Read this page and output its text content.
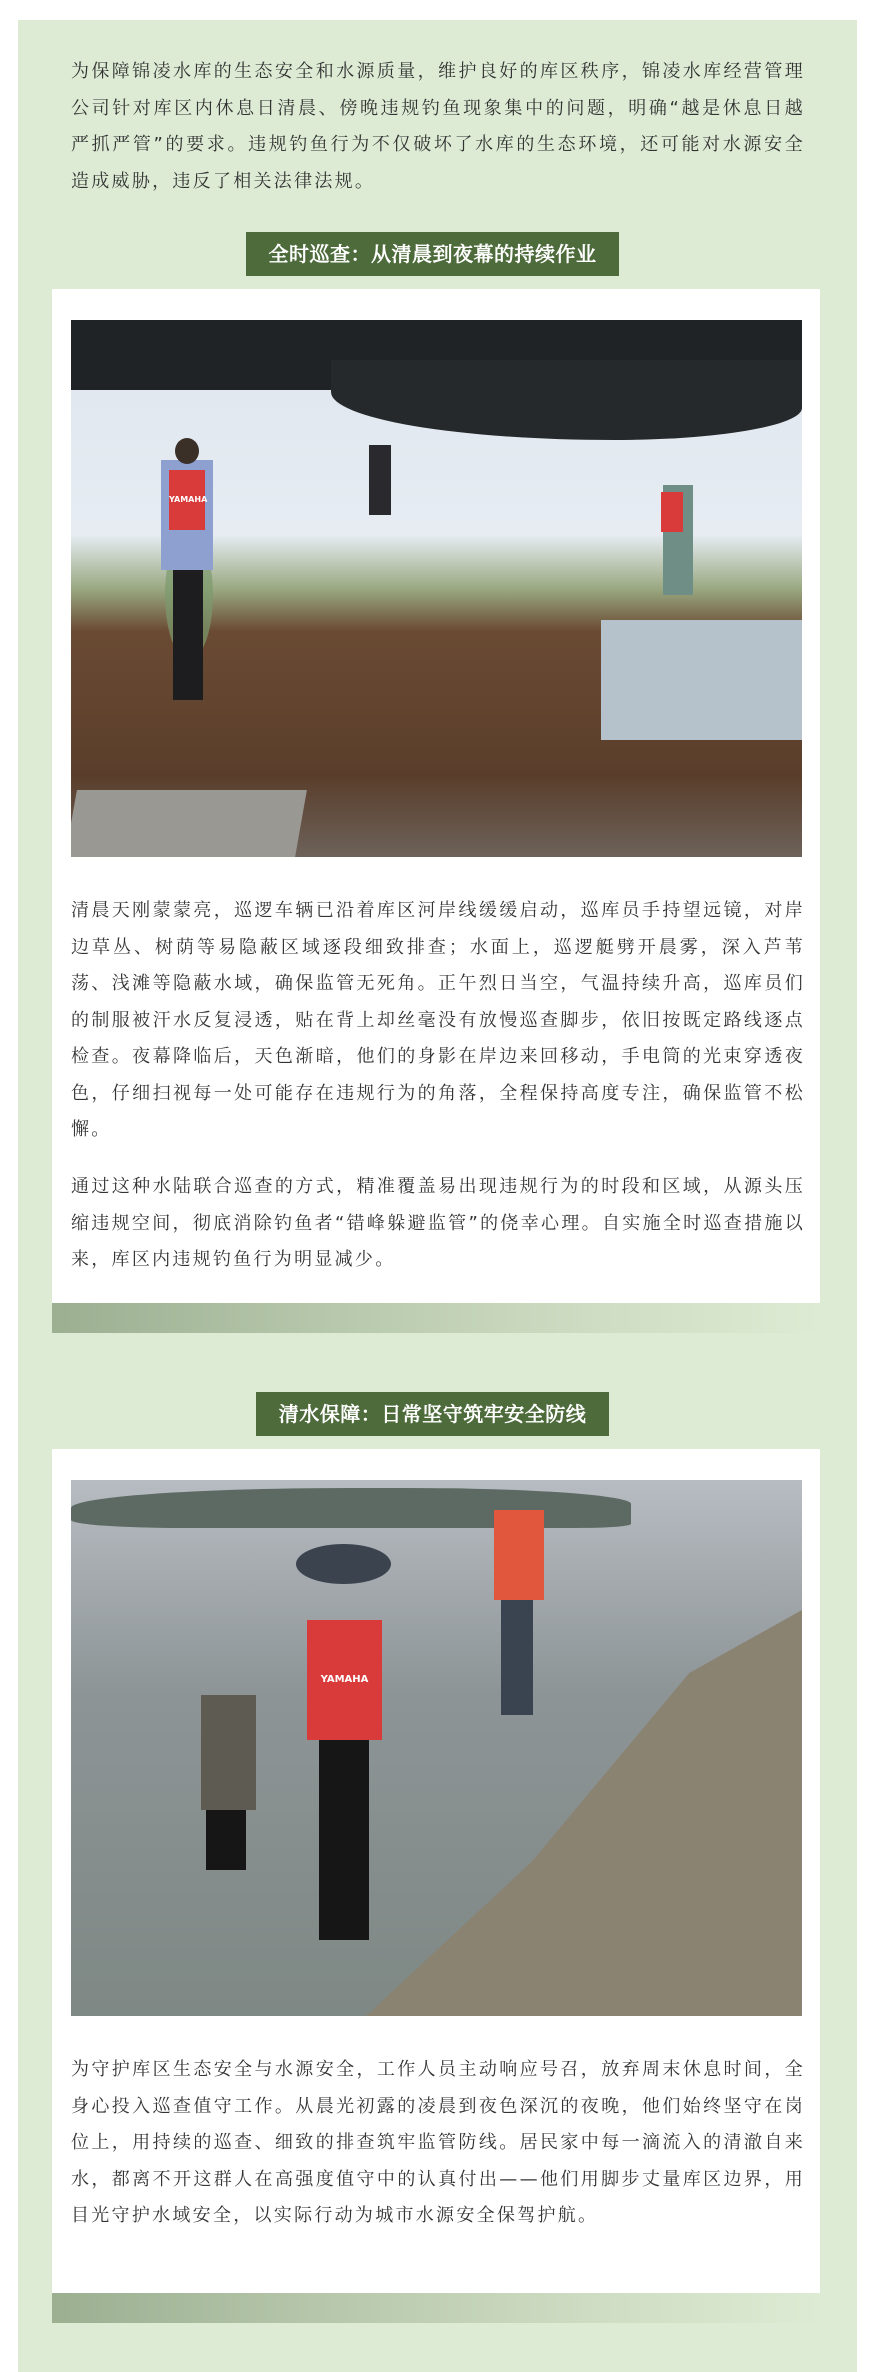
为保障锦凌水库的生态安全和水源质量，维护良好的库区秩序，锦凌水库经营管理公司针对库区内休息日清晨、傍晚违规钓鱼现象集中的问题，明确“越是休息日越严抓严管”的要求。违规钓鱼行为不仅破坏了水库的生态环境，还可能对水源安全造成威胁，违反了相关法律法规。

全时巡查：从清晨到夜幕的持续作业
YAMAHA

清晨天刚蒙蒙亮，巡逻车辆已沿着库区河岸线缓缓启动，巡库员手持望远镜，对岸边草丛、树荫等易隐蔽区域逐段细致排查；水面上，巡逻艇劈开晨雾，深入芦苇荡、浅滩等隐蔽水域，确保监管无死角。正午烈日当空，气温持续升高，巡库员们的制服被汗水反复浸透，贴在背上却丝毫没有放慢巡查脚步，依旧按既定路线逐点检查。夜幕降临后，天色渐暗，他们的身影在岸边来回移动，手电筒的光束穿透夜色，仔细扫视每一处可能存在违规行为的角落，全程保持高度专注，确保监管不松懈。

通过这种水陆联合巡查的方式，精准覆盖易出现违规行为的时段和区域，从源头压缩违规空间，彻底消除钓鱼者“错峰躲避监管”的侥幸心理。自实施全时巡查措施以来，库区内违规钓鱼行为明显减少。

清水保障：日常坚守筑牢安全防线
YAMAHA

为守护库区生态安全与水源安全，工作人员主动响应号召，放弃周末休息时间，全身心投入巡查值守工作。从晨光初露的凌晨到夜色深沉的夜晚，他们始终坚守在岗位上，用持续的巡查、细致的排查筑牢监管防线。居民家中每一滴流入的清澈自来水，都离不开这群人在高强度值守中的认真付出——他们用脚步丈量库区边界，用目光守护水域安全，以实际行动为城市水源安全保驾护航。
